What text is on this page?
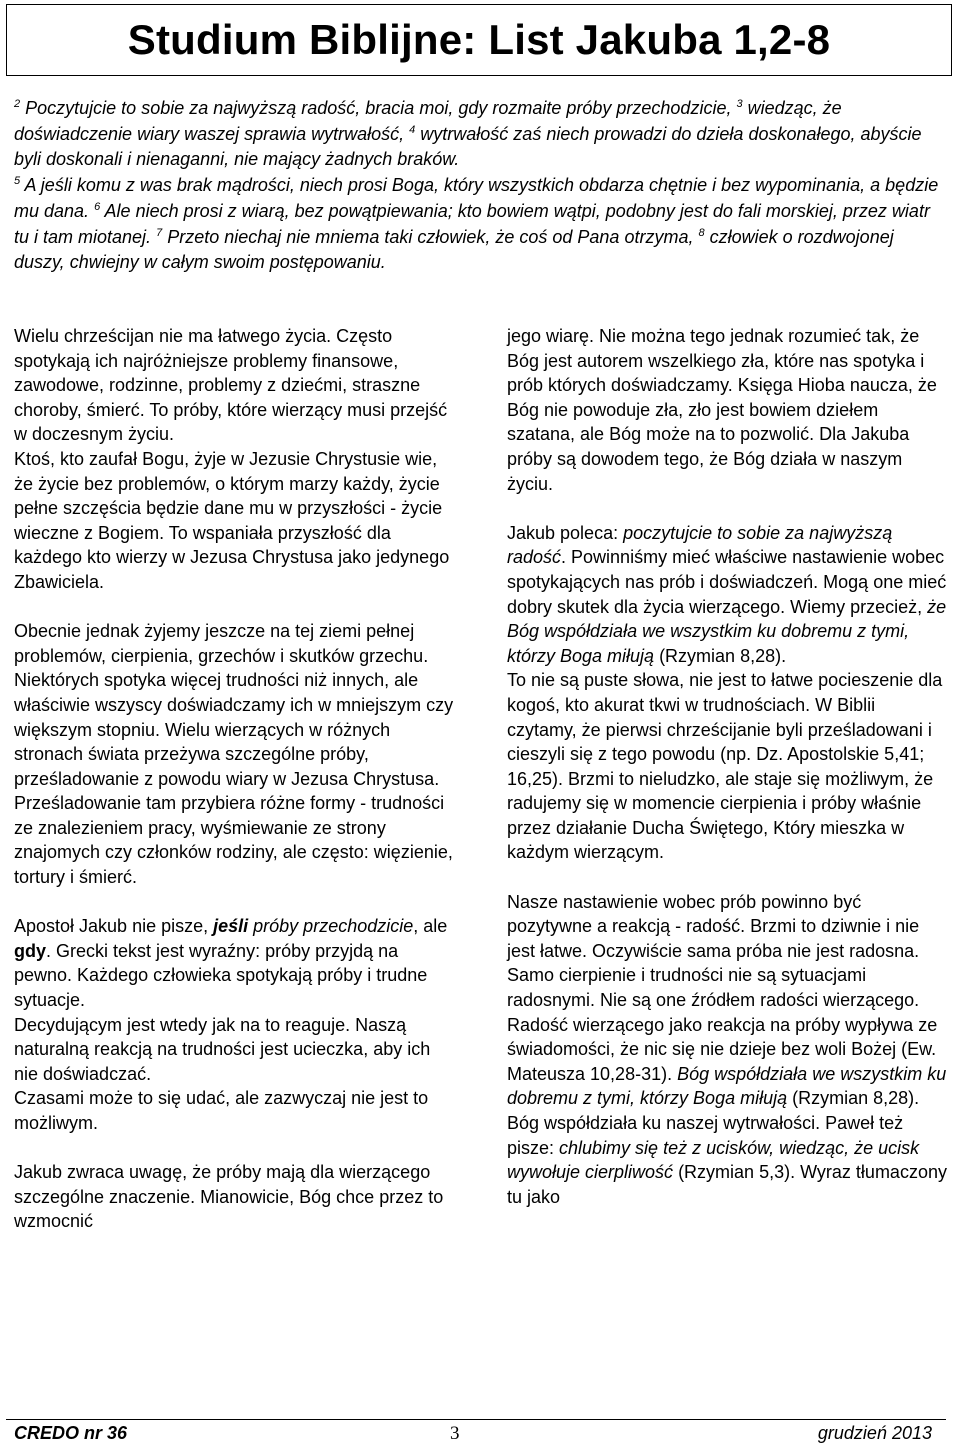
Studium Biblijne: List Jakuba 1,2-8
$^2$ Poczytujcie to sobie za najwyższą radość, bracia moi, gdy rozmaite próby przechodzicie, $^3$ wiedząc, że doświadczenie wiary waszej sprawia wytrwałość, $^4$ wytrwałość zaś niech prowadzi do dzieła doskonałego, abyście byli doskonali i nienaganni, nie mający żadnych braków.
$^5$ A jeśli komu z was brak mądrości, niech prosi Boga, który wszystkich obdarza chętnie i bez wypominania, a będzie mu dana. $^6$ Ale niech prosi z wiarą, bez powątpiewania; kto bowiem wątpi, podobny jest do fali morskiej, przez wiatr tu i tam miotanej. $^7$ Przeto niechaj nie mniema taki człowiek, że coś od Pana otrzyma, $^8$ człowiek o rozdwojonej duszy, chwiejny w całym swoim postępowaniu.

Wielu chrześcijan nie ma łatwego życia. Często spotykają ich najróżniejsze problemy finansowe, zawodowe, rodzinne, problemy z dziećmi, straszne choroby, śmierć. To próby, które wierzący musi przejść w doczesnym życiu.

Ktoś, kto zaufał Bogu, żyje w Jezusie Chrystusie wie, że życie bez problemów, o którym marzy każdy, życie pełne szczęścia będzie dane mu w przyszłości - życie wieczne z Bogiem. To wspaniała przyszłość dla każdego kto wierzy w Jezusa Chrystusa jako jedynego Zbawiciela.

Obecnie jednak żyjemy jeszcze na tej ziemi pełnej problemów, cierpienia, grzechów i skutków grzechu.

Niektórych spotyka więcej trudności niż innych, ale właściwie wszyscy doświadczamy ich w mniejszym czy większym stopniu. Wielu wierzących w różnych stronach świata przeżywa szczególne próby, prześladowanie z powodu wiary w Jezusa Chrystusa.

Prześladowanie tam przybiera różne formy - trudności ze znalezieniem pracy, wyśmiewanie ze strony znajomych czy członków rodziny, ale często: więzienie, tortury i śmierć.

Apostoł Jakub nie pisze, jeśli próby przechodzicie, ale gdy. Grecki tekst jest wyraźny: próby przyjdą na pewno. Każdego człowieka spotykają próby i trudne sytuacje.

Decydującym jest wtedy jak na to reaguje. Naszą naturalną reakcją na trudności jest ucieczka, aby ich nie doświadczać.

Czasami może to się udać, ale zazwyczaj nie jest to możliwym.

Jakub zwraca uwagę, że próby mają dla wierzącego szczególne znaczenie. Mianowicie, Bóg chce przez to wzmocnić

jego wiarę. Nie można tego jednak rozumieć tak, że Bóg jest autorem wszelkiego zła, które nas spotyka i prób których doświadczamy. Księga Hioba naucza, że Bóg nie powoduje zła, zło jest bowiem dziełem szatana, ale Bóg może na to pozwolić. Dla Jakuba próby są dowodem tego, że Bóg działa w naszym życiu.

Jakub poleca: poczytujcie to sobie za najwyższą radość. Powinniśmy mieć właściwe nastawienie wobec spotykających nas prób i doświadczeń. Mogą one mieć dobry skutek dla życia wierzącego. Wiemy przecież, że Bóg współdziała we wszystkim ku dobremu z tymi, którzy Boga miłują (Rzymian 8,28).

To nie są puste słowa, nie jest to łatwe pocieszenie dla kogoś, kto akurat tkwi w trudnościach. W Biblii czytamy, że pierwsi chrześcijanie byli prześladowani i cieszyli się z tego powodu (np. Dz. Apostolskie 5,41; 16,25). Brzmi to nieludzko, ale staje się możliwym, że radujemy się w momencie cierpienia i próby właśnie przez działanie Ducha Świętego, Który mieszka w każdym wierzącym.

Nasze nastawienie wobec prób powinno być pozytywne a reakcją - radość. Brzmi to dziwnie i nie jest łatwe. Oczywiście sama próba nie jest radosna. Samo cierpienie i trudności nie są sytuacjami radosnymi. Nie są one źródłem radości wierzącego. Radość wierzącego jako reakcja na próby wypływa ze świadomości, że nic się nie dzieje bez woli Bożej (Ew. Mateusza 10,28-31). Bóg współdziała we wszystkim ku dobremu z tymi, którzy Boga miłują (Rzymian 8,28). Bóg współdziała ku naszej wytrwałości. Paweł też pisze: chlubimy się też z ucisków, wiedząc, że ucisk wywołuje cierpliwość (Rzymian 5,3). Wyraz tłumaczony tu jako

CREDO nr 36	3	grudzień 2013
